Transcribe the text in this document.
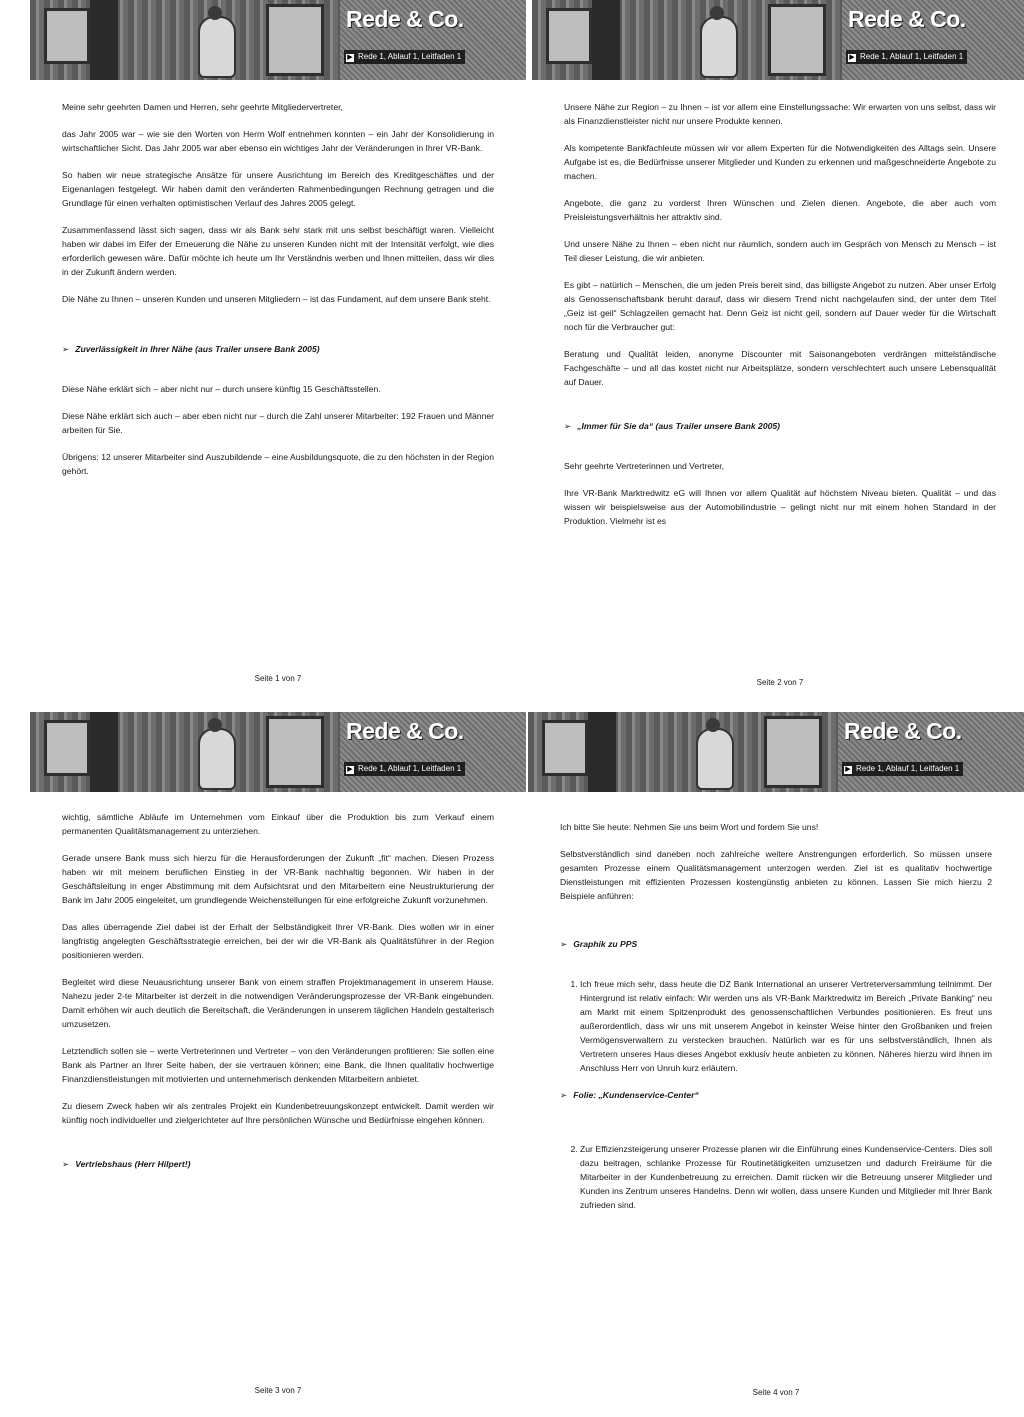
Rede & Co.
▶ Rede 1, Ablauf 1, Leitfaden 1

Meine sehr geehrten Damen und Herren, sehr geehrte Mitgliedervertreter,

das Jahr 2005 war – wie sie den Worten von Herrn Wolf entnehmen konnten – ein Jahr der Konsolidierung in wirtschaftlicher Sicht. Das Jahr 2005 war aber ebenso ein wichtiges Jahr der Veränderungen in Ihrer VR-Bank.

So haben wir neue strategische Ansätze für unsere Ausrichtung im Bereich des Kreditgeschäftes und der Eigenanlagen festgelegt. Wir haben damit den veränderten Rahmenbedingungen Rechnung getragen und die Grundlage für einen verhalten optimistischen Verlauf des Jahres 2005 gelegt.

Zusammenfassend lässt sich sagen, dass wir als Bank sehr stark mit uns selbst beschäftigt waren. Vielleicht haben wir dabei im Eifer der Erneuerung die Nähe zu unseren Kunden nicht mit der Intensität verfolgt, wie dies erforderlich gewesen wäre. Dafür möchte ich heute um Ihr Verständnis werben und Ihnen mitteilen, dass wir dies in der Zukunft ändern werden.

Die Nähe zu Ihnen – unseren Kunden und unseren Mitgliedern – ist das Fundament, auf dem unsere Bank steht.

➢ Zuverlässigkeit in Ihrer Nähe (aus Trailer unsere Bank 2005)

Diese Nähe erklärt sich – aber nicht nur – durch unsere künftig 15 Geschäftsstellen.

Diese Nähe erklärt sich auch – aber eben nicht nur – durch die Zahl unserer Mitarbeiter: 192 Frauen und Männer arbeiten für Sie.

Übrigens: 12 unserer Mitarbeiter sind Auszubildende – eine Ausbildungsquote, die zu den höchsten in der Region gehört.

Seite 1 von 7
Rede & Co.
▶ Rede 1, Ablauf 1, Leitfaden 1

Unsere Nähe zur Region – zu Ihnen – ist vor allem eine Einstellungssache: Wir erwarten von uns selbst, dass wir als Finanzdienstleister nicht nur unsere Produkte kennen.

Als kompetente Bankfachleute müssen wir vor allem Experten für die Notwendigkeiten des Alltags sein. Unsere Aufgabe ist es, die Bedürfnisse unserer Mitglieder und Kunden zu erkennen und maßgeschneiderte Angebote zu machen.

Angebote, die ganz zu vorderst Ihren Wünschen und Zielen dienen. Angebote, die aber auch vom Preisleistungsverhältnis her attraktiv sind.

Und unsere Nähe zu Ihnen – eben nicht nur räumlich, sondern auch im Gespräch von Mensch zu Mensch – ist Teil dieser Leistung, die wir anbieten.

Es gibt – natürlich – Menschen, die um jeden Preis bereit sind, das billigste Angebot zu nutzen. Aber unser Erfolg als Genossenschaftsbank beruht darauf, dass wir diesem Trend nicht nachgelaufen sind, der unter dem Titel „Geiz ist geil“ Schlagzeilen gemacht hat. Denn Geiz ist nicht geil, sondern auf Dauer weder für die Wirtschaft noch für die Verbraucher gut:

Beratung und Qualität leiden, anonyme Discounter mit Saisonangeboten verdrängen mittelständische Fachgeschäfte – und all das kostet nicht nur Arbeitsplätze, sondern verschlechtert auch unsere Lebensqualität auf Dauer.

➢ „Immer für Sie da“ (aus Trailer unsere Bank 2005)

Sehr geehrte Vertreterinnen und Vertreter,

Ihre VR-Bank Marktredwitz eG will Ihnen vor allem Qualität auf höchstem Niveau bieten. Qualität – und das wissen wir beispielsweise aus der Automobilindustrie – gelingt nicht nur mit einem hohen Standard in der Produktion. Vielmehr ist es

Seite 2 von 7
Rede & Co.
▶ Rede 1, Ablauf 1, Leitfaden 1

wichtig, sämtliche Abläufe im Unternehmen vom Einkauf über die Produktion bis zum Verkauf einem permanenten Qualitätsmanagement zu unterziehen.

Gerade unsere Bank muss sich hierzu für die Herausforderungen der Zukunft „fit“ machen. Diesen Prozess haben wir mit meinem beruflichen Einstieg in der VR-Bank nachhaltig begonnen. Wir haben in der Geschäftsleitung in enger Abstimmung mit dem Aufsichtsrat und den Mitarbeitern eine Neustrukturierung der Bank im Jahr 2005 eingeleitet, um grundlegende Weichenstellungen für eine erfolgreiche Zukunft vorzunehmen.

Das alles überragende Ziel dabei ist der Erhalt der Selbständigkeit Ihrer VR-Bank. Dies wollen wir in einer langfristig angelegten Geschäftsstrategie erreichen, bei der wir die VR-Bank als Qualitätsführer in der Region positionieren werden.

Begleitet wird diese Neuausrichtung unserer Bank von einem straffen Projektmanagement in unserem Hause. Nahezu jeder 2-te Mitarbeiter ist derzeit in die notwendigen Veränderungsprozesse der VR-Bank eingebunden. Damit erhöhen wir auch deutlich die Bereitschaft, die Veränderungen in unserem täglichen Handeln gestalterisch umzusetzen.

Letztendlich sollen sie – werte Vertreterinnen und Vertreter – von den Veränderungen profitieren: Sie sollen eine Bank als Partner an Ihrer Seite haben, der sie vertrauen können; eine Bank, die Ihnen qualitativ hochwertige Finanzdienstleistungen mit motivierten und unternehmerisch denkenden Mitarbeitern anbietet.

Zu diesem Zweck haben wir als zentrales Projekt ein Kundenbetreuungskonzept entwickelt. Damit werden wir künftig noch individueller und zielgerichteter auf Ihre persönlichen Wünsche und Bedürfnisse eingehen können.

➢ Vertriebshaus (Herr Hilpert!)
Seite 3 von 7
Rede & Co.
▶ Rede 1, Ablauf 1, Leitfaden 1

Ich bitte Sie heute: Nehmen Sie uns beim Wort und fordern Sie uns!

Selbstverständlich sind daneben noch zahlreiche weitere Anstrengungen erforderlich. So müssen unsere gesamten Prozesse einem Qualitätsmanagement unterzogen werden. Ziel ist es qualitativ hochwertige Dienstleistungen mit effizienten Prozessen kostengünstig anbieten zu können. Lassen Sie mich hierzu 2 Beispiele anführen:

➢ Graphik zu PPS
1. Ich freue mich sehr, dass heute die DZ Bank International an unserer Vertreterversammlung teilnimmt. Der Hintergrund ist relativ einfach: Wir werden uns als VR-Bank Marktredwitz im Bereich „Private Banking“ neu am Markt mit einem Spitzenprodukt des genossenschaftlichen Verbundes positionieren. Es freut uns außerordentlich, dass wir uns mit unserem Angebot in keinster Weise hinter den Großbanken und freien Vermögensverwaltern zu verstecken brauchen. Natürlich war es für uns selbstverständlich, Ihnen als Vertretern unseres Haus dieses Angebot exklusiv heute anbieten zu können. Näheres hierzu wird ihnen im Anschluss Herr von Unruh kurz erläutern.
➢ Folie: „Kundenservice-Center“
2. Zur Effizienzsteigerung unserer Prozesse planen wir die Einführung eines Kundenservice-Centers. Dies soll dazu beitragen, schlanke Prozesse für Routinetätigkeiten umzusetzen und dadurch Freiräume für die Mitarbeiter in der Kundenbetreuung zu erreichen. Damit rücken wir die Betreuung unserer Mitglieder und Kunden ins Zentrum unseres Handelns. Denn wir wollen, dass unsere Kunden und Mitglieder mit Ihrer Bank zufrieden sind.
Seite 4 von 7
